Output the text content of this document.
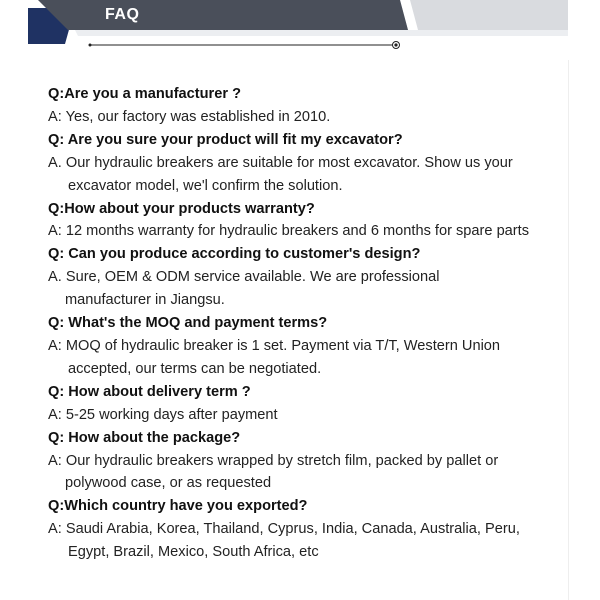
FAQ
Q:Are you a manufacturer ?
A: Yes, our factory was established in 2010.
Q: Are you sure your product will fit my excavator?
A. Our hydraulic breakers are suitable for most excavator. Show us your
excavator model, we'l confirm the solution.
Q:How about your products warranty?
A: 12 months warranty for hydraulic breakers and 6 months for spare parts
Q: Can you produce according to customer's design?
A. Sure, OEM & ODM service available. We are professional
manufacturer in Jiangsu.
Q: What's the MOQ and payment terms?
A: MOQ of hydraulic breaker is 1 set. Payment via T/T, Western Union
accepted, our terms can be negotiated.
Q: How about delivery term ?
A: 5-25 working days after payment
Q: How about the package?
A: Our hydraulic breakers wrapped by stretch film, packed by pallet or
polywood case, or as requested
Q:Which country have you exported?
A: Saudi Arabia, Korea, Thailand, Cyprus, India, Canada, Australia, Peru,
Egypt, Brazil, Mexico, South Africa, etc
